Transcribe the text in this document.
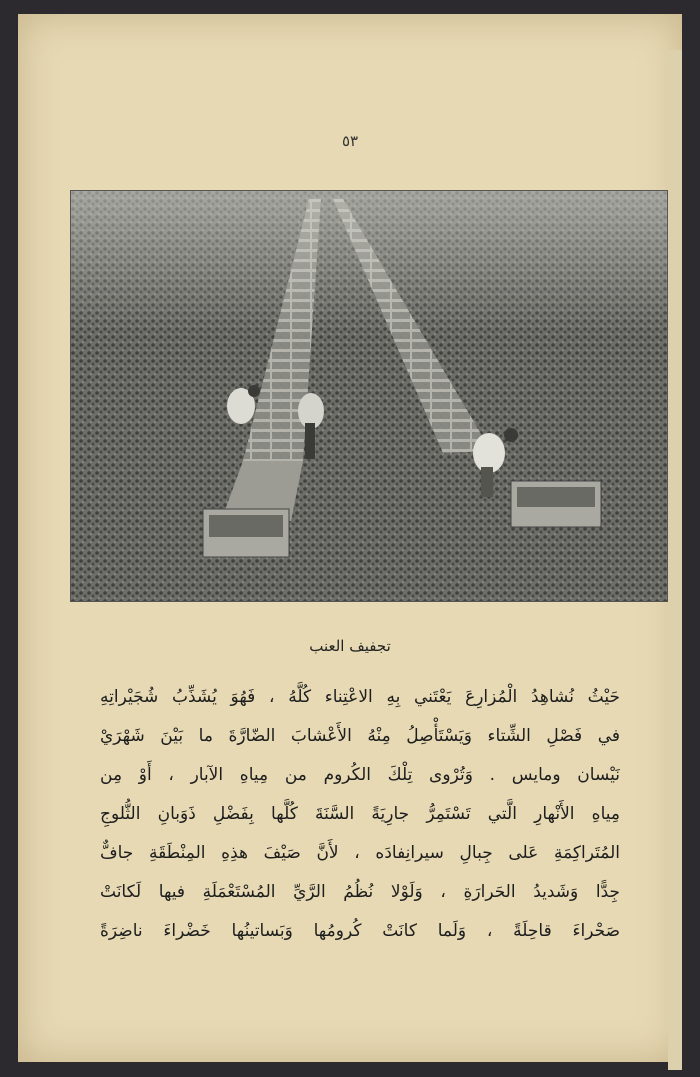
٥٣
تجفيف العنب
حَيْثُ نُشاهِدُ الْمُزارِعَ يَعْتَني بِهِ الاعْتِناء كُلَّهُ ، فَهُوَ يُشَذِّبُ شُجَيْراتِهِ
في فَصْلِ الشِّتاء وَيَسْتَأْصِلُ مِنْهُ الأَعْشابَ الضّارَّةَ ما بَيْنَ شَهْرَيْ
نَيْسان ومايس . وَتُرْوى تِلْكَ الكُروم من مِياهِ الآبار ، أَوْ مِن
مِياهِ الأَنْهارِ الَّتي تَسْتَمِرُّ جارِيَةً السَّنَةَ كُلَّها بِفَضْلِ ذَوَبانِ الثُّلوجِ
المُتَراكِمَةِ عَلى جِبالِ سيرانِفادَه ، لأَنَّ صَيْفَ هذِهِ المِنْطَقَةِ جافٌّ
جِدًّا وَشَديدُ الحَرارَةِ ، وَلَوْلا نُظُمُ الرَّيِّ المُسْتَعْمَلَةِ فيها لَكانَتْ
صَحْراءَ قاحِلَةً ، وَلَما كانَتْ كُرومُها وَبَساتينُها خَضْراءَ ناضِرَةً
